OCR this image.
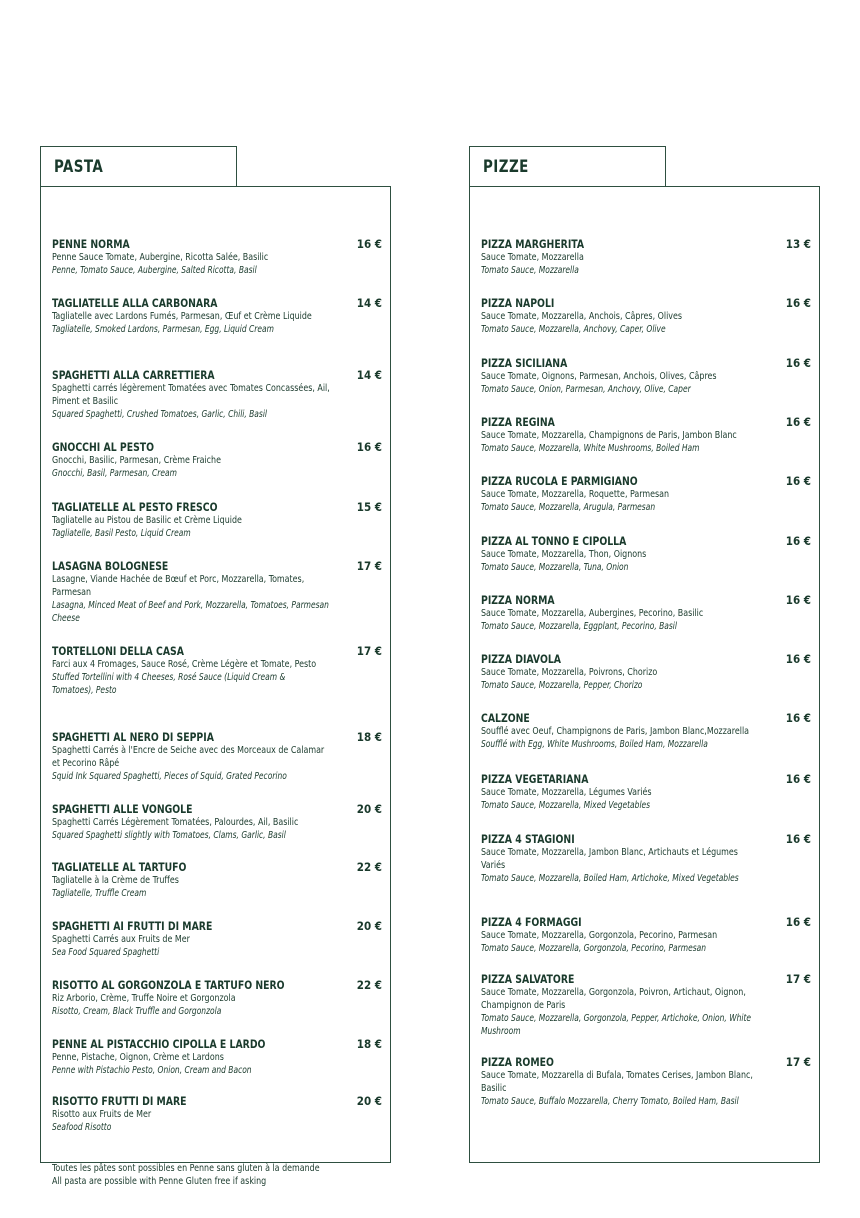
PASTA
PENNE NORMA	16 €
Penne Sauce Tomate, Aubergine, Ricotta Salée, Basilic
Penne, Tomato Sauce, Aubergine, Salted Ricotta, Basil
TAGLIATELLE ALLA CARBONARA	14 €
Tagliatelle avec Lardons Fumés, Parmesan, Œuf et Crème Liquide
Tagliatelle, Smoked Lardons, Parmesan, Egg, Liquid Cream
SPAGHETTI ALLA CARRETTIERA	14 €
Spaghetti carrés légèrement Tomatées avec Tomates Concassées, Ail, Piment et Basilic
Squared Spaghetti, Crushed Tomatoes, Garlic, Chili, Basil
GNOCCHI AL PESTO	16 €
Gnocchi, Basilic, Parmesan, Crème Fraiche
Gnocchi, Basil, Parmesan, Cream
TAGLIATELLE AL PESTO FRESCO	15 €
Tagliatelle au Pistou de Basilic et Crème Liquide
Tagliatelle, Basil Pesto, Liquid Cream
LASAGNA BOLOGNESE	17 €
Lasagne, Viande Hachée de Bœuf et Porc, Mozzarella, Tomates, Parmesan
Lasagna, Minced Meat of Beef and Pork, Mozzarella, Tomatoes, Parmesan Cheese
TORTELLONI DELLA CASA	17 €
Farci aux 4 Fromages, Sauce Rosé, Crème Légère et Tomate, Pesto
Stuffed Tortellini with 4 Cheeses, Rosé Sauce (Liquid Cream & Tomatoes), Pesto
SPAGHETTI AL NERO DI SEPPIA	18 €
Spaghetti Carrés à l'Encre de Seiche avec des Morceaux de Calamar et Pecorino Râpé
Squid Ink Squared Spaghetti, Pieces of Squid, Grated Pecorino
SPAGHETTI ALLE VONGOLE	20 €
Spaghetti Carrés Légèrement Tomatées, Palourdes, Ail, Basilic
Squared Spaghetti slightly with Tomatoes, Clams, Garlic, Basil
TAGLIATELLE AL TARTUFO	22 €
Tagliatelle à la Crème de Truffes
Tagliatelle, Truffle Cream
SPAGHETTI AI FRUTTI DI MARE	20 €
Spaghetti Carrés aux Fruits de Mer
Sea Food Squared Spaghetti
RISOTTO AL GORGONZOLA E TARTUFO NERO	22 €
Riz Arborio, Crème, Truffe Noire et Gorgonzola
Risotto, Cream, Black Truffle and Gorgonzola
PENNE AL PISTACCHIO CIPOLLA E LARDO	18 €
Penne, Pistache, Oignon, Crème et Lardons
Penne with Pistachio Pesto, Onion, Cream and Bacon
RISOTTO FRUTTI DI MARE	20 €
Risotto aux Fruits de Mer
Seafood Risotto
Toutes les pâtes sont possibles en Penne sans gluten à la demande
All pasta are possible with Penne Gluten free if asking
PIZZE
PIZZA MARGHERITA	13 €
Sauce Tomate, Mozzarella
Tomato Sauce, Mozzarella
PIZZA NAPOLI	16 €
Sauce Tomate, Mozzarella, Anchois, Câpres, Olives
Tomato Sauce, Mozzarella, Anchovy, Caper, Olive
PIZZA SICILIANA	16 €
Sauce Tomate, Oignons, Parmesan, Anchois, Olives, Câpres
Tomato Sauce, Onion, Parmesan, Anchovy, Olive, Caper
PIZZA REGINA	16 €
Sauce Tomate, Mozzarella, Champignons de Paris, Jambon Blanc
Tomato Sauce, Mozzarella, White Mushrooms, Boiled Ham
PIZZA RUCOLA E PARMIGIANO	16 €
Sauce Tomate, Mozzarella, Roquette, Parmesan
Tomato Sauce, Mozzarella, Arugula, Parmesan
PIZZA AL TONNO E CIPOLLA	16 €
Sauce Tomate, Mozzarella, Thon, Oignons
Tomato Sauce, Mozzarella, Tuna, Onion
PIZZA NORMA	16 €
Sauce Tomate, Mozzarella, Aubergines, Pecorino, Basilic
Tomato Sauce, Mozzarella, Eggplant, Pecorino, Basil
PIZZA DIAVOLA	16 €
Sauce Tomate, Mozzarella, Poivrons, Chorizo
Tomato Sauce, Mozzarella, Pepper, Chorizo
CALZONE	16 €
Soufflé avec Oeuf, Champignons de Paris, Jambon Blanc,Mozzarella
Soufflé with Egg, White Mushrooms, Boiled Ham, Mozzarella
PIZZA VEGETARIANA	16 €
Sauce Tomate, Mozzarella, Légumes Variés
Tomato Sauce, Mozzarella, Mixed Vegetables
PIZZA 4 STAGIONI	16 €
Sauce Tomate, Mozzarella, Jambon Blanc, Artichauts et Légumes Variés
Tomato Sauce, Mozzarella, Boiled Ham, Artichoke, Mixed Vegetables
PIZZA 4 FORMAGGI	16 €
Sauce Tomate, Mozzarella, Gorgonzola, Pecorino, Parmesan
Tomato Sauce, Mozzarella, Gorgonzola, Pecorino, Parmesan
PIZZA SALVATORE	17 €
Sauce Tomate, Mozzarella, Gorgonzola, Poivron, Artichaut, Oignon, Champignon de Paris
Tomato Sauce, Mozzarella, Gorgonzola, Pepper, Artichoke, Onion, White Mushroom
PIZZA ROMEO	17 €
Sauce Tomate, Mozzarella di Bufala, Tomates Cerises, Jambon Blanc, Basilic
Tomato Sauce, Buffalo Mozzarella, Cherry Tomato, Boiled Ham, Basil
